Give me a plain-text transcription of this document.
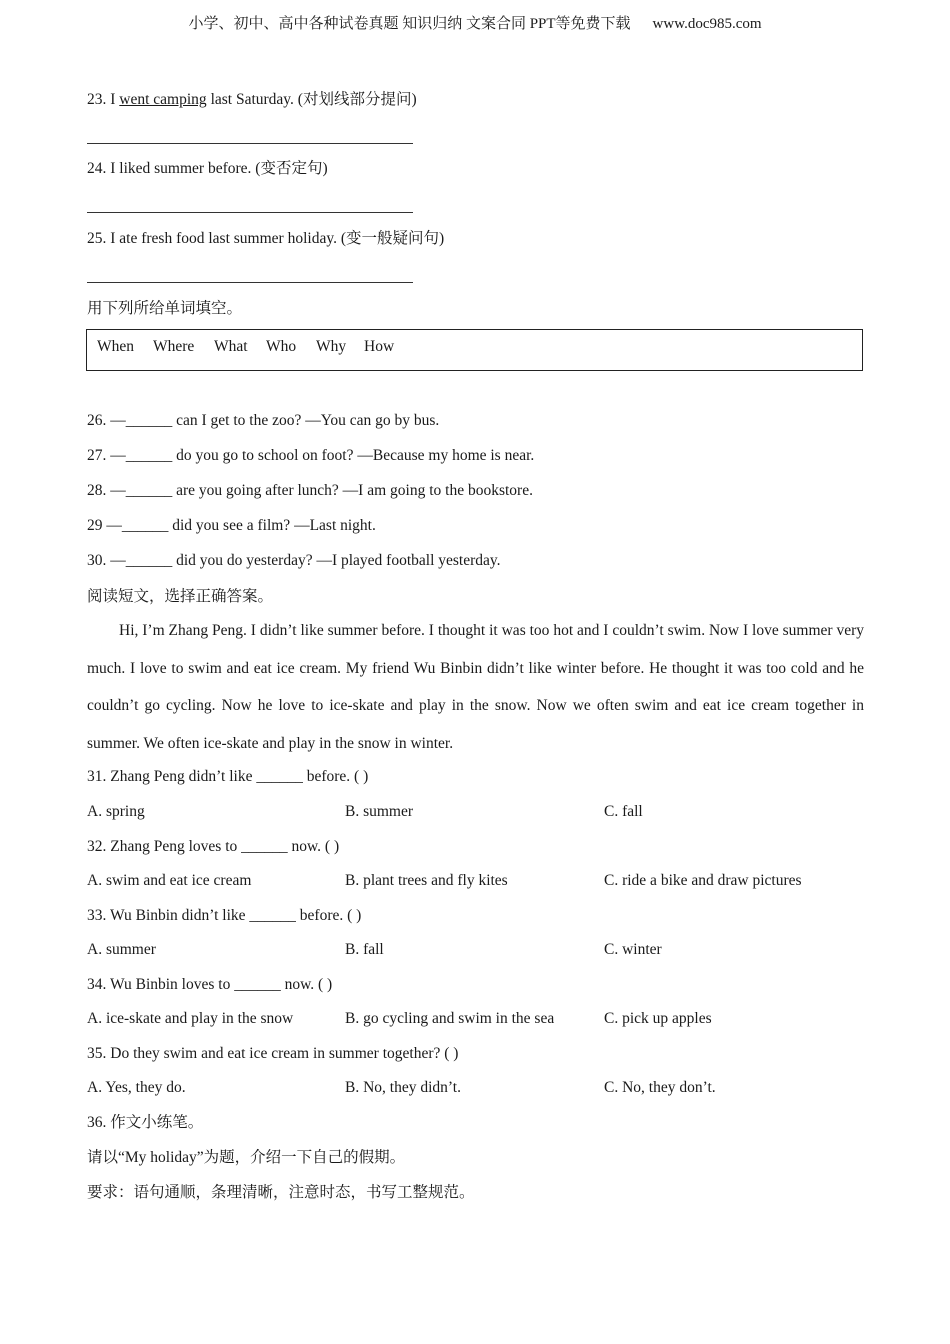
小学、初中、高中各种试卷真题 知识归纳 文案合同 PPT等免费下载 www.doc985.com
23. I went camping last Saturday. (对划线部分提问)
24. I liked summer before. (变否定句)
25. I ate fresh food last summer holiday. (变一般疑问句)
用下列所给单词填空。
When Where What Who Why How
26. —______ can I get to the zoo? —You can go by bus.
27. —______ do you go to school on foot? —Because my home is near.
28. —______ are you going after lunch? —I am going to the bookstore.
29 —______ did you see a film? —Last night.
30. —______ did you do yesterday? —I played football yesterday.
阅读短文，选择正确答案。
Hi, I’m Zhang Peng. I didn’t like summer before. I thought it was too hot and I couldn’t swim. Now I love summer very much. I love to swim and eat ice cream. My friend Wu Binbin didn’t like winter before. He thought it was too cold and he couldn’t go cycling. Now he love to ice-skate and play in the snow. Now we often swim and eat ice cream together in summer. We often ice-skate and play in the snow in winter.
31. Zhang Peng didn’t like ______ before. ( )
A. spring	B. summer	C. fall
32. Zhang Peng loves to ______ now. ( )
A. swim and eat ice cream	B. plant trees and fly kites	C. ride a bike and draw pictures
33. Wu Binbin didn’t like ______ before. ( )
A. summer	B. fall	C. winter
34. Wu Binbin loves to ______ now. ( )
A. ice-skate and play in the snow	B. go cycling and swim in the sea	C. pick up apples
35. Do they swim and eat ice cream in summer together? ( )
A. Yes, they do.	B. No, they didn’t.	C. No, they don’t.
36. 作文小练笔。
请以“My holiday”为题，介绍一下自己的假期。
要求：语句通顺，条理清晰，注意时态，书写工整规范。
